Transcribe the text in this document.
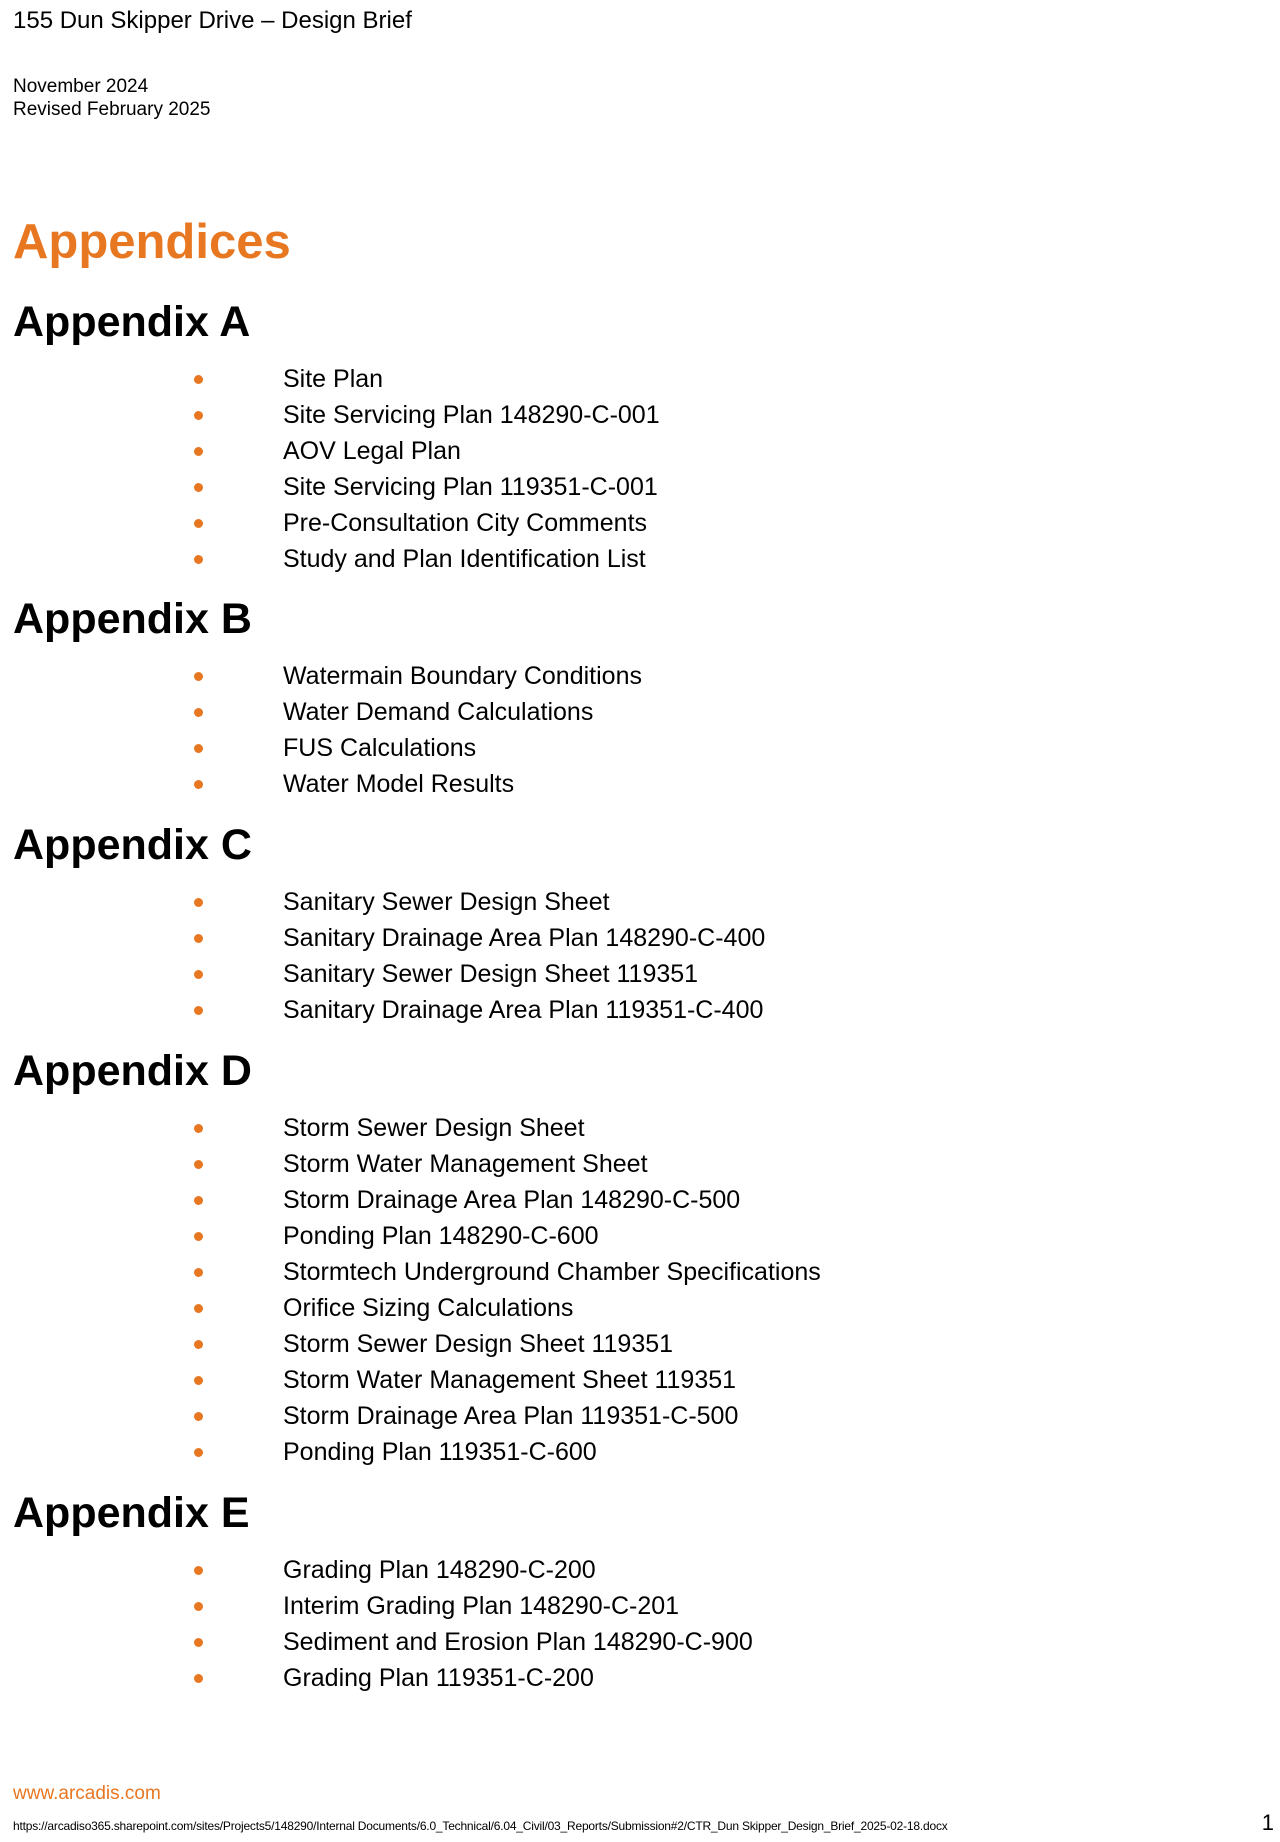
155 Dun Skipper Drive – Design Brief
November 2024
Revised February 2025
Appendices
Appendix A
Site Plan
Site Servicing Plan 148290-C-001
AOV Legal Plan
Site Servicing Plan 119351-C-001
Pre-Consultation City Comments
Study and Plan Identification List
Appendix B
Watermain Boundary Conditions
Water Demand Calculations
FUS Calculations
Water Model Results
Appendix C
Sanitary Sewer Design Sheet
Sanitary Drainage Area Plan 148290-C-400
Sanitary Sewer Design Sheet 119351
Sanitary Drainage Area Plan 119351-C-400
Appendix D
Storm Sewer Design Sheet
Storm Water Management Sheet
Storm Drainage Area Plan 148290-C-500
Ponding Plan 148290-C-600
Stormtech Underground Chamber Specifications
Orifice Sizing Calculations
Storm Sewer Design Sheet 119351
Storm Water Management Sheet 119351
Storm Drainage Area Plan 119351-C-500
Ponding Plan 119351-C-600
Appendix E
Grading Plan 148290-C-200
Interim Grading Plan 148290-C-201
Sediment and Erosion Plan 148290-C-900
Grading Plan 119351-C-200
www.arcadis.com
https://arcadiso365.sharepoint.com/sites/Projects5/148290/Internal Documents/6.0_Technical/6.04_Civil/03_Reports/Submission#2/CTR_Dun Skipper_Design_Brief_2025-02-18.docx	1
